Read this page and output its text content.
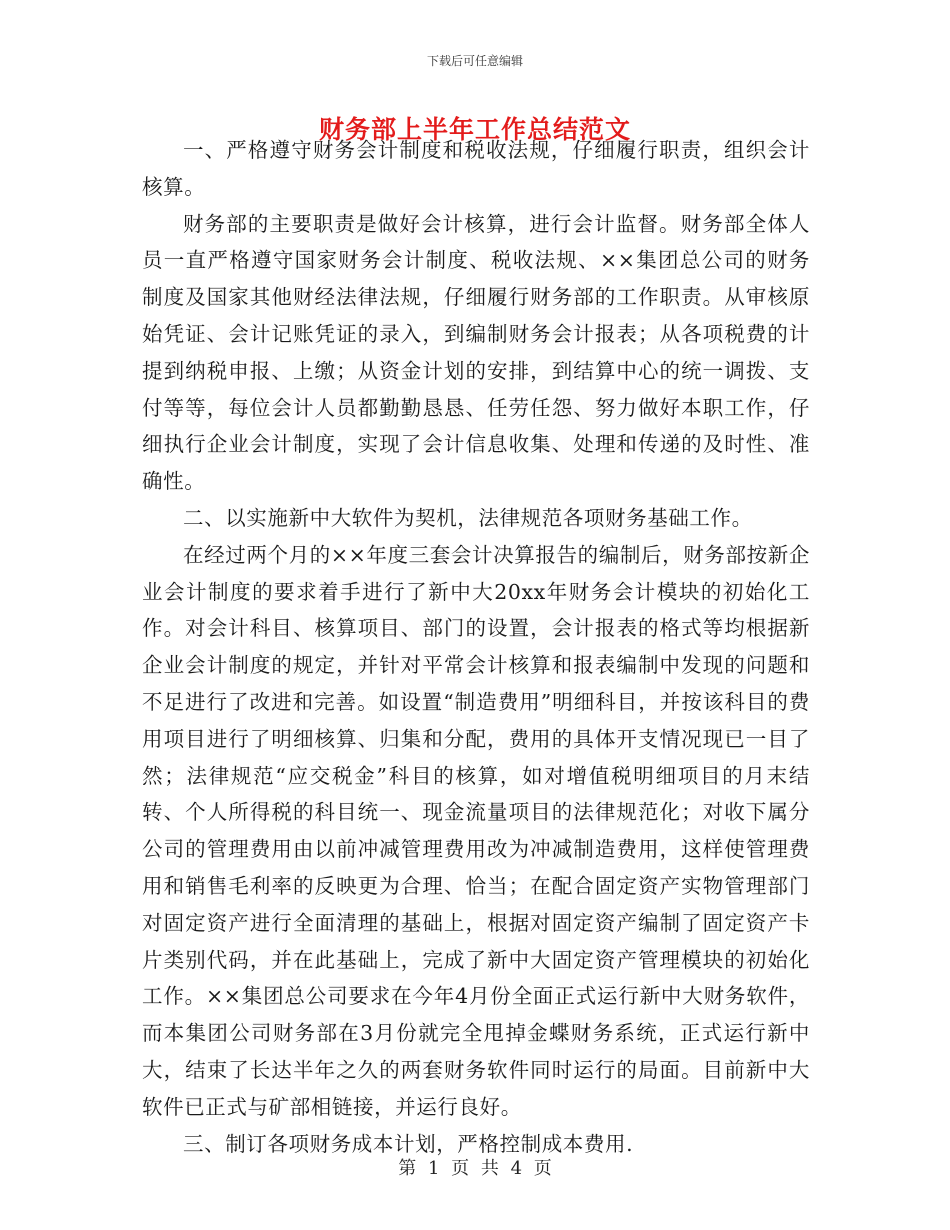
下载后可任意编辑
财务部上半年工作总结范文

一、严格遵守财务会计制度和税收法规，仔细履行职责，组织会计核算。

财务部的主要职责是做好会计核算，进行会计监督。财务部全体人员一直严格遵守国家财务会计制度、税收法规、××集团总公司的财务制度及国家其他财经法律法规，仔细履行财务部的工作职责。从审核原始凭证、会计记账凭证的录入，到编制财务会计报表；从各项税费的计提到纳税申报、上缴；从资金计划的安排，到结算中心的统一调拨、支付等等，每位会计人员都勤勤恳恳、任劳任怨、努力做好本职工作，仔细执行企业会计制度，实现了会计信息收集、处理和传递的及时性、准确性。

二、以实施新中大软件为契机，法律规范各项财务基础工作。

在经过两个月的××年度三套会计决算报告的编制后，财务部按新企业会计制度的要求着手进行了新中大20xx年财务会计模块的初始化工作。对会计科目、核算项目、部门的设置，会计报表的格式等均根据新企业会计制度的规定，并针对平常会计核算和报表编制中发现的问题和不足进行了改进和完善。如设置“制造费用”明细科目，并按该科目的费用项目进行了明细核算、归集和分配，费用的具体开支情况现已一目了然；法律规范“应交税金”科目的核算，如对增值税明细项目的月末结转、个人所得税的科目统一、现金流量项目的法律规范化；对收下属分公司的管理费用由以前冲减管理费用改为冲减制造费用，这样使管理费用和销售毛利率的反映更为合理、恰当；在配合固定资产实物管理部门对固定资产进行全面清理的基础上，根据对固定资产编制了固定资产卡片类别代码，并在此基础上，完成了新中大固定资产管理模块的初始化工作。××集团总公司要求在今年4月份全面正式运行新中大财务软件，而本集团公司财务部在3月份就完全甩掉金蝶财务系统，正式运行新中大，结束了长达半年之久的两套财务软件同时运行的局面。目前新中大软件已正式与矿部相链接，并运行良好。

三、制订各项财务成本计划，严格控制成本费用.

第 1 页 共 4 页
